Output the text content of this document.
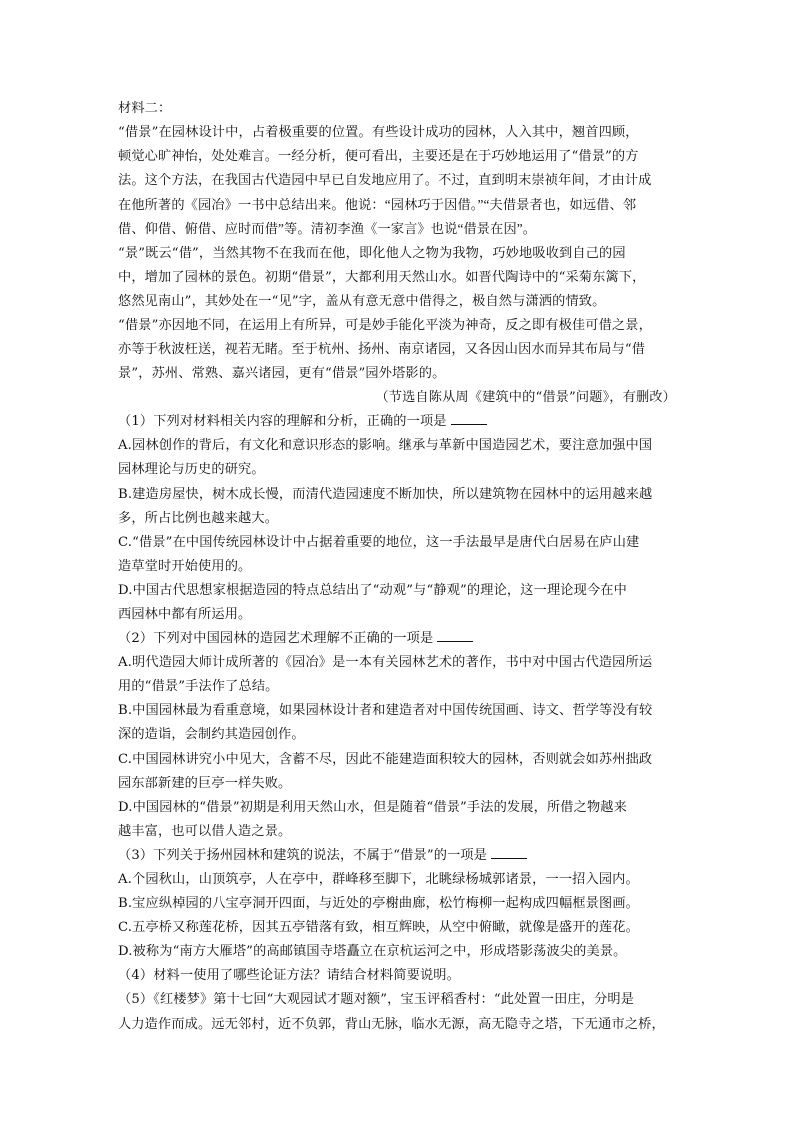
材料二：
“借景”在园林设计中，占着极重要的位置。有些设计成功的园林，人入其中，翘首四顾，
顿觉心旷神怡，处处难言。一经分析，便可看出，主要还是在于巧妙地运用了“借景”的方
法。这个方法，在我国古代造园中早已自发地应用了。不过，直到明末崇祯年间，才由计成
在他所著的《园冶》一书中总结出来。他说：“园林巧于因借。”“夫借景者也，如远借、邻
借、仰借、俯借、应时而借”等。清初李渔《一家言》也说“借景在因”。
“景”既云“借”，当然其物不在我而在他，即化他人之物为我物，巧妙地吸收到自己的园
中，增加了园林的景色。初期“借景”，大都利用天然山水。如晋代陶诗中的“采菊东篱下，
悠然见南山”，其妙处在一“见”字，盖从有意无意中借得之，极自然与潇洒的情致。
“借景”亦因地不同，在运用上有所异，可是妙手能化平淡为神奇，反之即有极佳可借之景，
亦等于秋波枉送，视若无睹。至于杭州、扬州、南京诸园，又各因山因水而异其布局与“借
景”，苏州、常熟、嘉兴诸园，更有“借景”园外塔影的。
（节选自陈从周《建筑中的“借景”问题》，有删改）
（1）下列对材料相关内容的理解和分析，正确的一项是
A.园林创作的背后，有文化和意识形态的影响。继承与革新中国造园艺术，要注意加强中国
园林理论与历史的研究。
B.建造房屋快，树木成长慢，而清代造园速度不断加快，所以建筑物在园林中的运用越来越
多，所占比例也越来越大。
C.“借景”在中国传统园林设计中占据着重要的地位，这一手法最早是唐代白居易在庐山建
造草堂时开始使用的。
D.中国古代思想家根据造园的特点总结出了“动观”与“静观”的理论，这一理论现今在中
西园林中都有所运用。
（2）下列对中国园林的造园艺术理解不正确的一项是
A.明代造园大师计成所著的《园冶》是一本有关园林艺术的著作，书中对中国古代造园所运
用的“借景”手法作了总结。
B.中国园林最为看重意境，如果园林设计者和建造者对中国传统国画、诗文、哲学等没有较
深的造诣，会制约其造园创作。
C.中国园林讲究小中见大，含蓄不尽，因此不能建造面积较大的园林，否则就会如苏州拙政
园东部新建的巨亭一样失败。
D.中国园林的“借景”初期是利用天然山水，但是随着“借景”手法的发展，所借之物越来
越丰富，也可以借人造之景。
（3）下列关于扬州园林和建筑的说法，不属于“借景”的一项是
A.个园秋山，山顶筑亭，人在亭中，群峰移至脚下，北眺绿杨城郭诸景，一一招入园内。
B.宝应纵棹园的八宝亭洞开四面，与近处的亭榭曲廊，松竹梅柳一起构成四幅框景图画。
C.五亭桥又称莲花桥，因其五亭错落有致，相互辉映，从空中俯瞰，就像是盛开的莲花。
D.被称为“南方大雁塔”的高邮镇国寺塔矗立在京杭运河之中，形成塔影荡波尖的美景。
（4）材料一使用了哪些论证方法？请结合材料简要说明。
（5）《红楼梦》第十七回“大观园试才题对额”，宝玉评稻香村：“此处置一田庄，分明是
人力造作而成。远无邻村，近不负郭，背山无脉，临水无源，高无隐寺之塔，下无通市之桥，
